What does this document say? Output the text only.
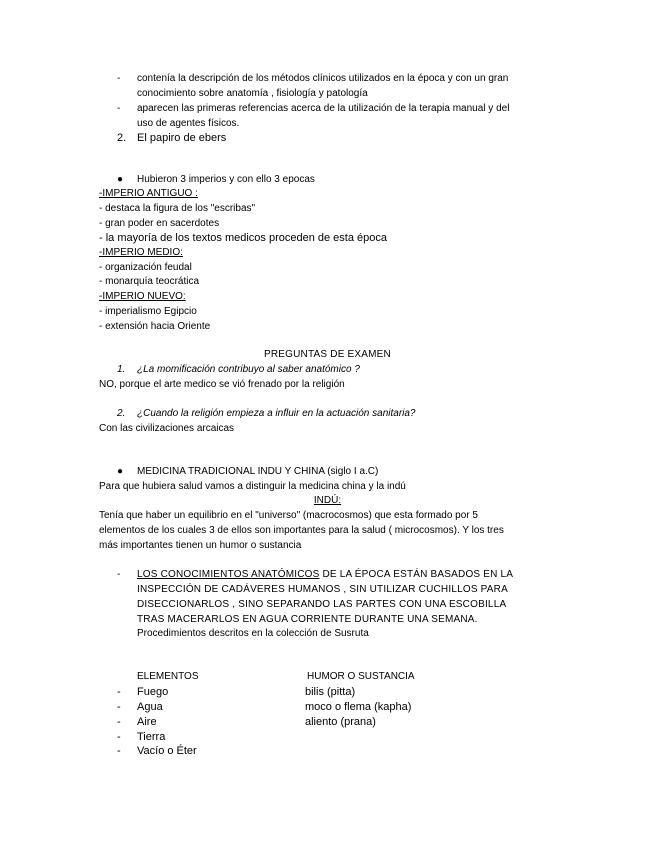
- contenía la descripción de los métodos clínicos utilizados en la época y con un gran
conocimiento sobre anatomía , fisiología y patología
- aparecen las primeras referencias acerca de la utilización de la terapia manual y del
uso de agentes físicos.
2. El papiro de ebers
● Hubieron 3 imperios y con ello 3 epocas
-IMPERIO ANTIGUO :
- destaca la figura de los "escribas"
- gran poder en sacerdotes
- la mayoría de los textos medicos proceden de esta época
-IMPERIO MEDIO:
- organización feudal
- monarquía teocrática
-IMPERIO NUEVO:
- imperialismo Egipcio
- extensión hacia Oriente
PREGUNTAS DE EXAMEN
1. ¿La momificación contribuyo al saber anatómico ?
NO, porque el arte medico se vió frenado por la religión
2. ¿Cuando la religión empieza a influir en la actuación sanitaria?
Con las civilizaciones arcaicas
● MEDICINA TRADICIONAL INDU Y CHINA (siglo I a.C)
Para que hubiera salud vamos a distinguir la medicina china y la indú
INDÚ:
Tenía que haber un equilibrio en el "universo" (macrocosmos) que esta formado por 5
elementos de los cuales 3 de ellos son importantes para la salud ( microcosmos). Y los tres
más importantes tienen un humor o sustancia
- LOS CONOCIMIENTOS ANATÓMICOS DE LA ÉPOCA ESTÁN BASADOS EN LA
INSPECCIÓN DE CADÁVERES HUMANOS , SIN UTILIZAR CUCHILLOS PARA
DISECCIONARLOS , SINO SEPARANDO LAS PARTES CON UNA ESCOBILLA
TRAS MACERARLOS EN AGUA CORRIENTE DURANTE UNA SEMANA.
Procedimientos descritos en la colección de Susruta
ELEMENTOS	HUMOR O SUSTANCIA
- Fuego	bilis (pitta)
- Agua	moco o flema (kapha)
- Aire	aliento (prana)
- Tierra
- Vacío o Éter
